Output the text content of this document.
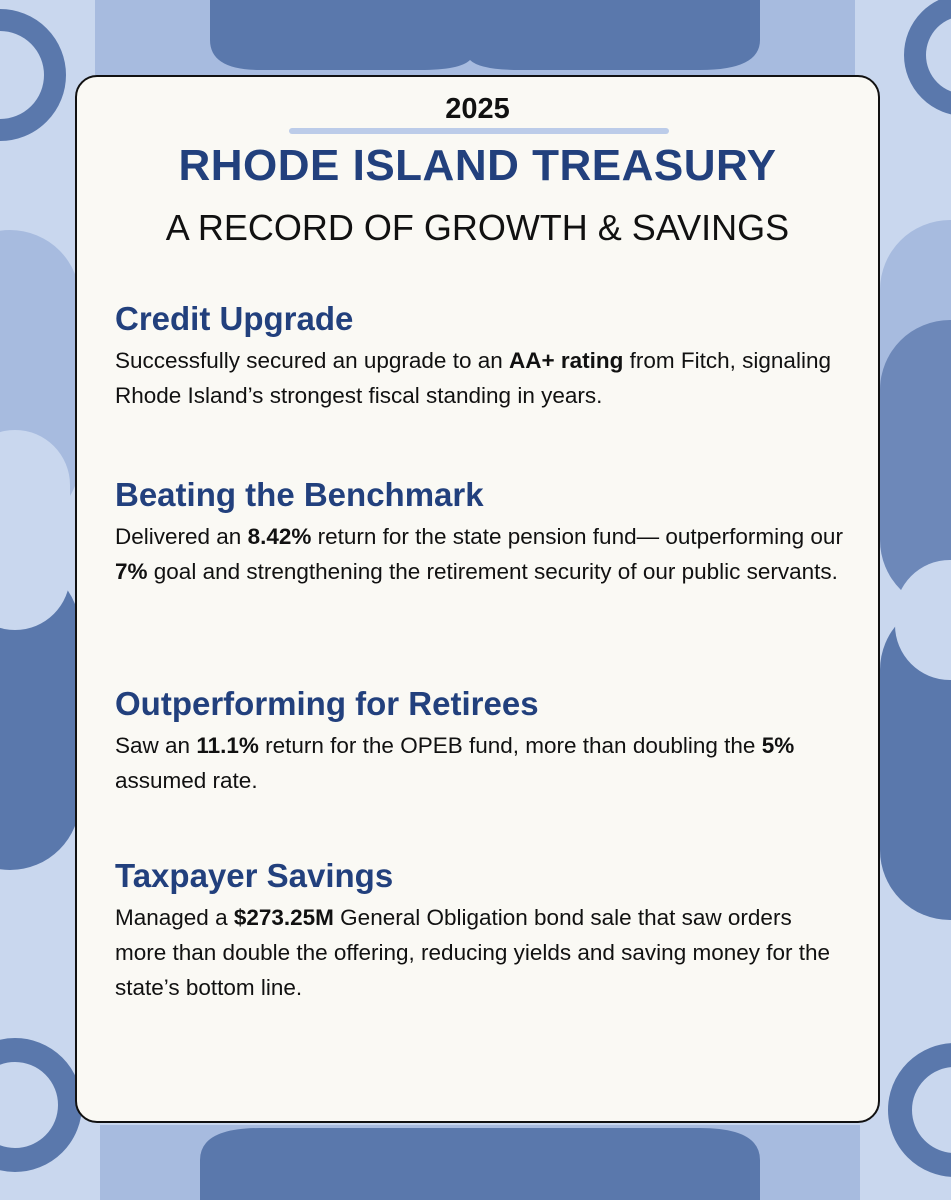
2025
RHODE ISLAND TREASURY
A RECORD OF GROWTH & SAVINGS
Credit Upgrade

Successfully secured an upgrade to an AA+ rating from Fitch, signaling Rhode Island’s strongest fiscal standing in years.

Beating the Benchmark

Delivered an 8.42% return for the state pension fund— outperforming our 7% goal and strengthening the retirement security of our public servants.

Outperforming for Retirees

Saw an 11.1% return for the OPEB fund, more than doubling the 5% assumed rate.

Taxpayer Savings

Managed a $273.25M General Obligation bond sale that saw orders more than double the offering, reducing yields and saving money for the state’s bottom line.
